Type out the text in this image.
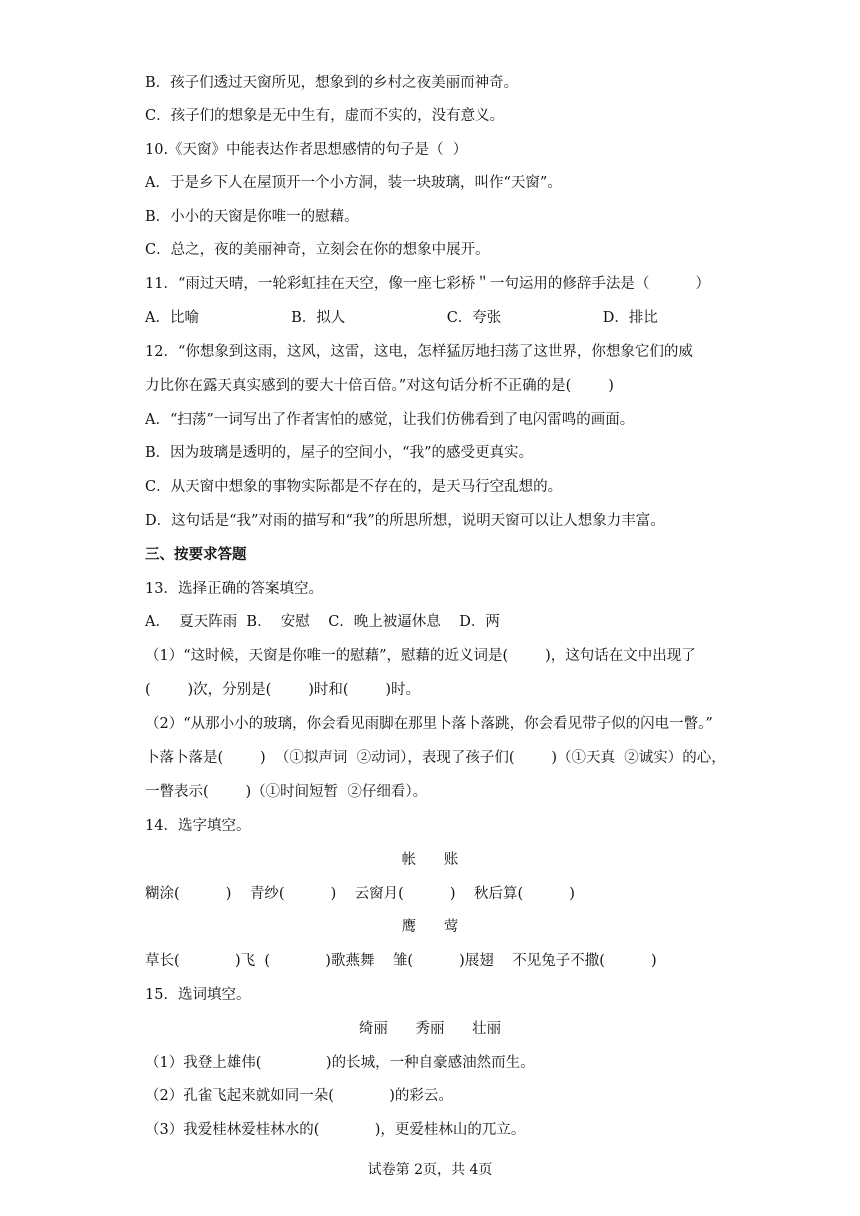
B．孩子们透过天窗所见，想象到的乡村之夜美丽而神奇。
C．孩子们的想象是无中生有，虚而不实的，没有意义。
10.《天窗》中能表达作者思想感情的句子是（  ）
A．于是乡下人在屋顶开一个小方洞，装一块玻璃，叫作“天窗”。
B．小小的天窗是你唯一的慰藉。
C．总之，夜的美丽神奇，立刻会在你的想象中展开。
11．“雨过天晴，一轮彩虹挂在天空，像一座七彩桥＂一句运用的修辞手法是（          ）
A．比喻                    B．拟人                      C．夸张                      D．排比
12．“你想象到这雨，这风，这雷，这电，怎样猛厉地扫荡了这世界，你想象它们的威
力比你在露天真实感到的要大十倍百倍。”对这句话分析不正确的是(        )
A．“扫荡”一词写出了作者害怕的感觉，让我们仿佛看到了电闪雷鸣的画面。
B．因为玻璃是透明的，屋子的空间小，“我”的感受更真实。
C．从天窗中想象的事物实际都是不存在的，是天马行空乱想的。
D．这句话是“我”对雨的描写和“我”的所思所想，说明天窗可以让人想象力丰富。
三、按要求答题
13．选择正确的答案填空。
A．  夏天阵雨  B．  安慰    C．晚上被逼休息    D．两
（1）“这时候，天窗是你唯一的慰藉”，慰藉的近义词是(        )，这句话在文中出现了
(        )次，分别是(        )时和(        )时。
（2）“从那小小的玻璃，你会看见雨脚在那里卜落卜落跳，你会看见带子似的闪电一瞥。”
卜落卜落是(        )  （①拟声词  ②动词），表现了孩子们(        )（①天真  ②诚实）的心，
一瞥表示(        )（①时间短暂  ②仔细看）。
14．选字填空。
帐      账
糊涂(          )    青纱(          )    云窗月(          )    秋后算(          )
鹰      莺
草长(            )飞  (            )歌燕舞    雏(          )展翅    不见兔子不撒(          )
15．选词填空。
绮丽      秀丽      壮丽
（1）我登上雄伟(              )的长城，一种自豪感油然而生。
（2）孔雀飞起来就如同一朵(            )的彩云。
（3）我爱桂林爱桂林水的(            )，更爱桂林山的兀立。
试卷第 2页，共 4页
